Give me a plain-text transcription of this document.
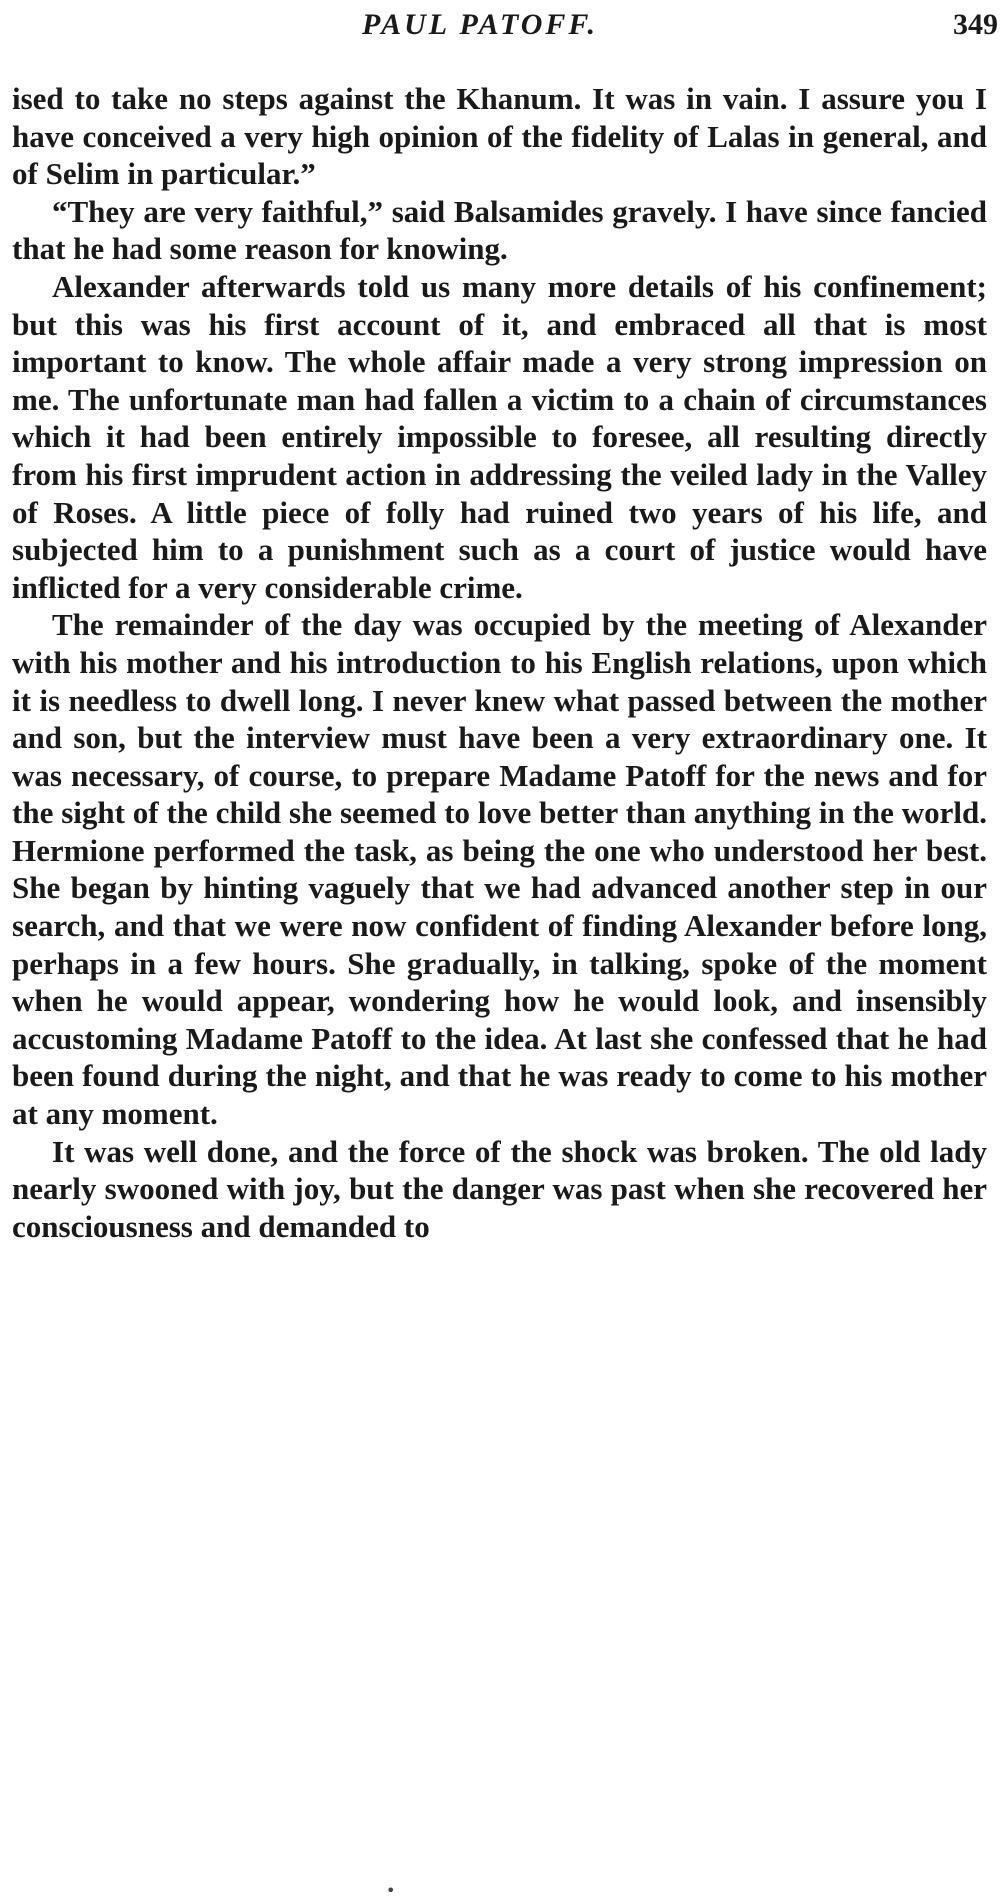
PAUL PATOFF.	349

ised to take no steps against the Khanum. It was in vain. I assure you I have conceived a very high opinion of the fidelity of Lalas in general, and of Selim in particular.”

“They are very faithful,” said Balsamides gravely. I have since fancied that he had some reason for knowing.

Alexander afterwards told us many more details of his confinement; but this was his first account of it, and embraced all that is most important to know. The whole affair made a very strong impression on me. The unfortunate man had fallen a victim to a chain of circumstances which it had been entirely impossible to foresee, all resulting directly from his first imprudent action in addressing the veiled lady in the Valley of Roses. A little piece of folly had ruined two years of his life, and subjected him to a punishment such as a court of justice would have inflicted for a very considerable crime.

The remainder of the day was occupied by the meeting of Alexander with his mother and his introduction to his English relations, upon which it is needless to dwell long. I never knew what passed between the mother and son, but the interview must have been a very extraordinary one. It was necessary, of course, to prepare Madame Patoff for the news and for the sight of the child she seemed to love better than anything in the world. Hermione performed the task, as being the one who understood her best. She began by hinting vaguely that we had advanced another step in our search, and that we were now confident of finding Alexander before long, perhaps in a few hours. She gradually, in talking, spoke of the moment when he would appear, wondering how he would look, and insensibly accustoming Madame Patoff to the idea. At last she confessed that he had been found during the night, and that he was ready to come to his mother at any moment.

It was well done, and the force of the shock was broken. The old lady nearly swooned with joy, but the danger was past when she recovered her consciousness and demanded to

•
